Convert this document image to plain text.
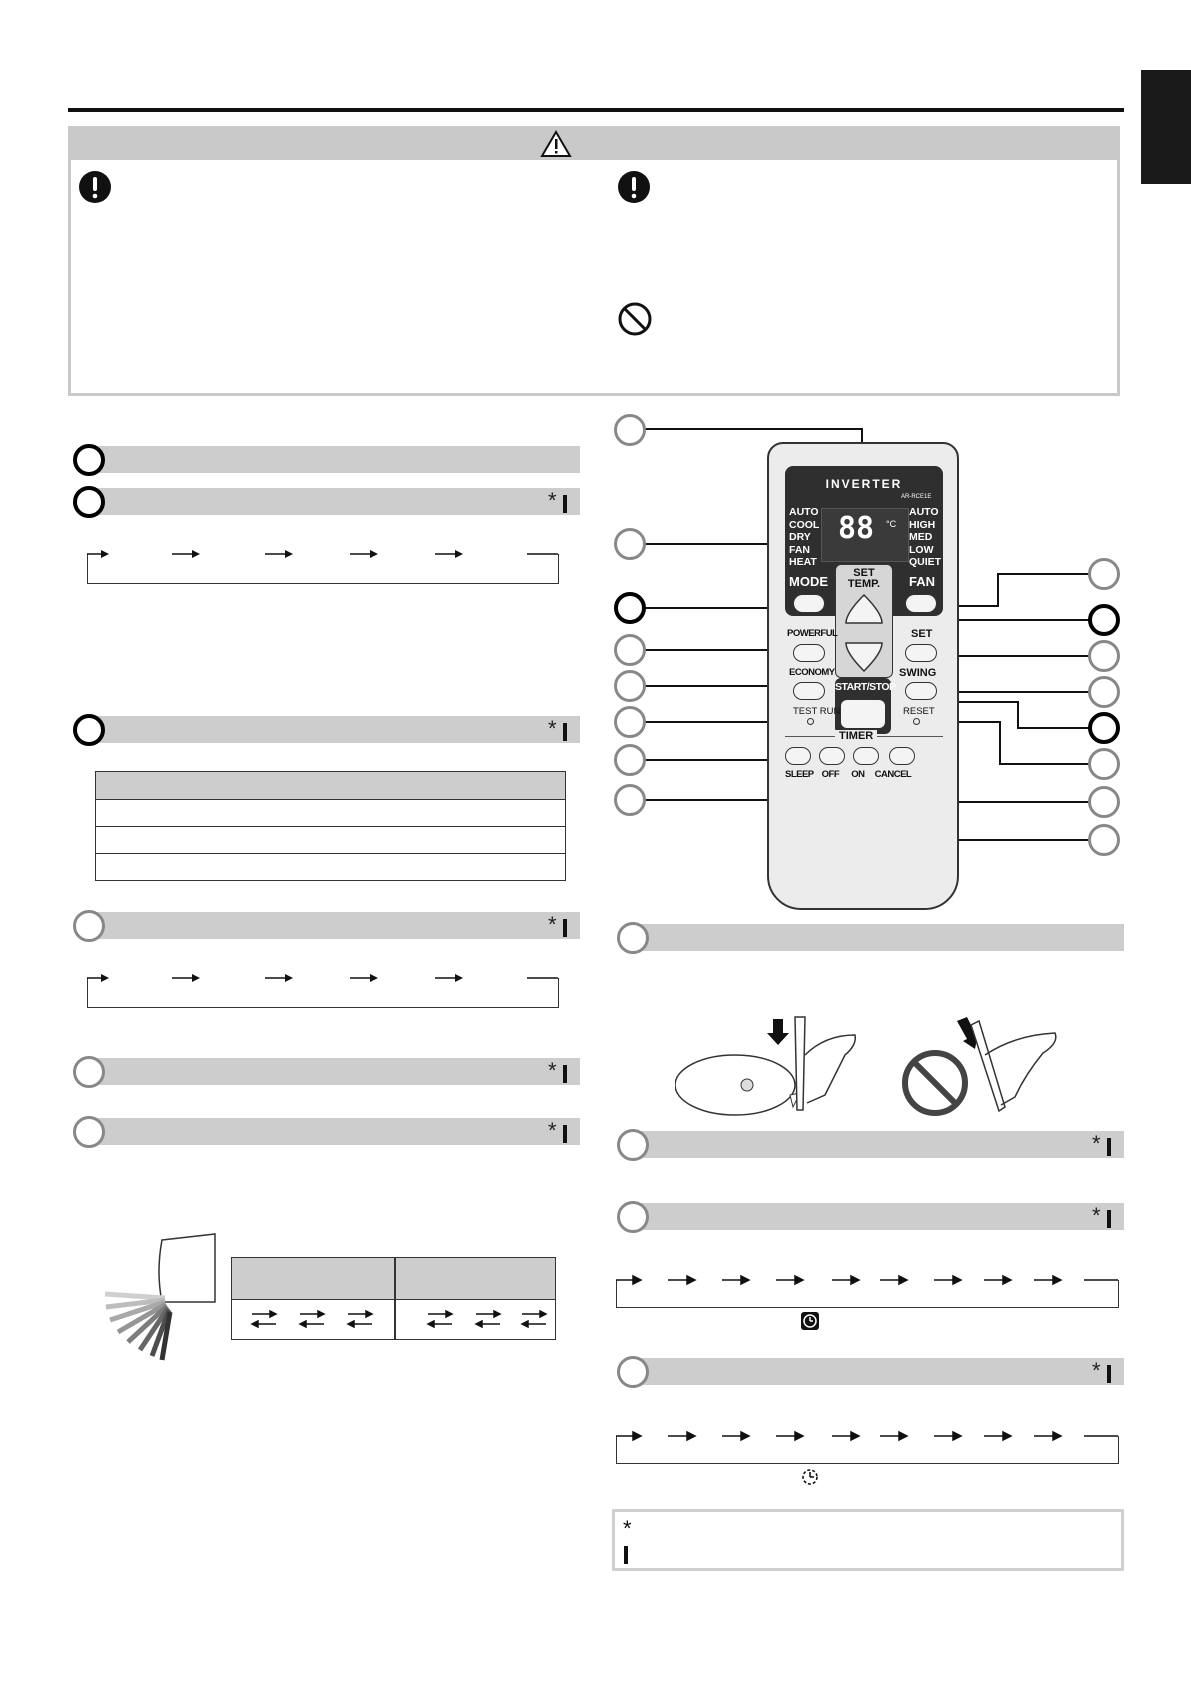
*
*
*
*
*
INVERTER
AR-RCE1E
AUTO
COOL
DRY
FAN
HEAT
AUTO
HIGH
MED
LOW
QUIET
88 °C
MODE	FAN
SET TEMP.
POWERFUL	SET
ECONOMY	SWING
START/STOP
TEST RUN	RESET
TIMER
SLEEP OFF ON CANCEL
*
*
*
*
